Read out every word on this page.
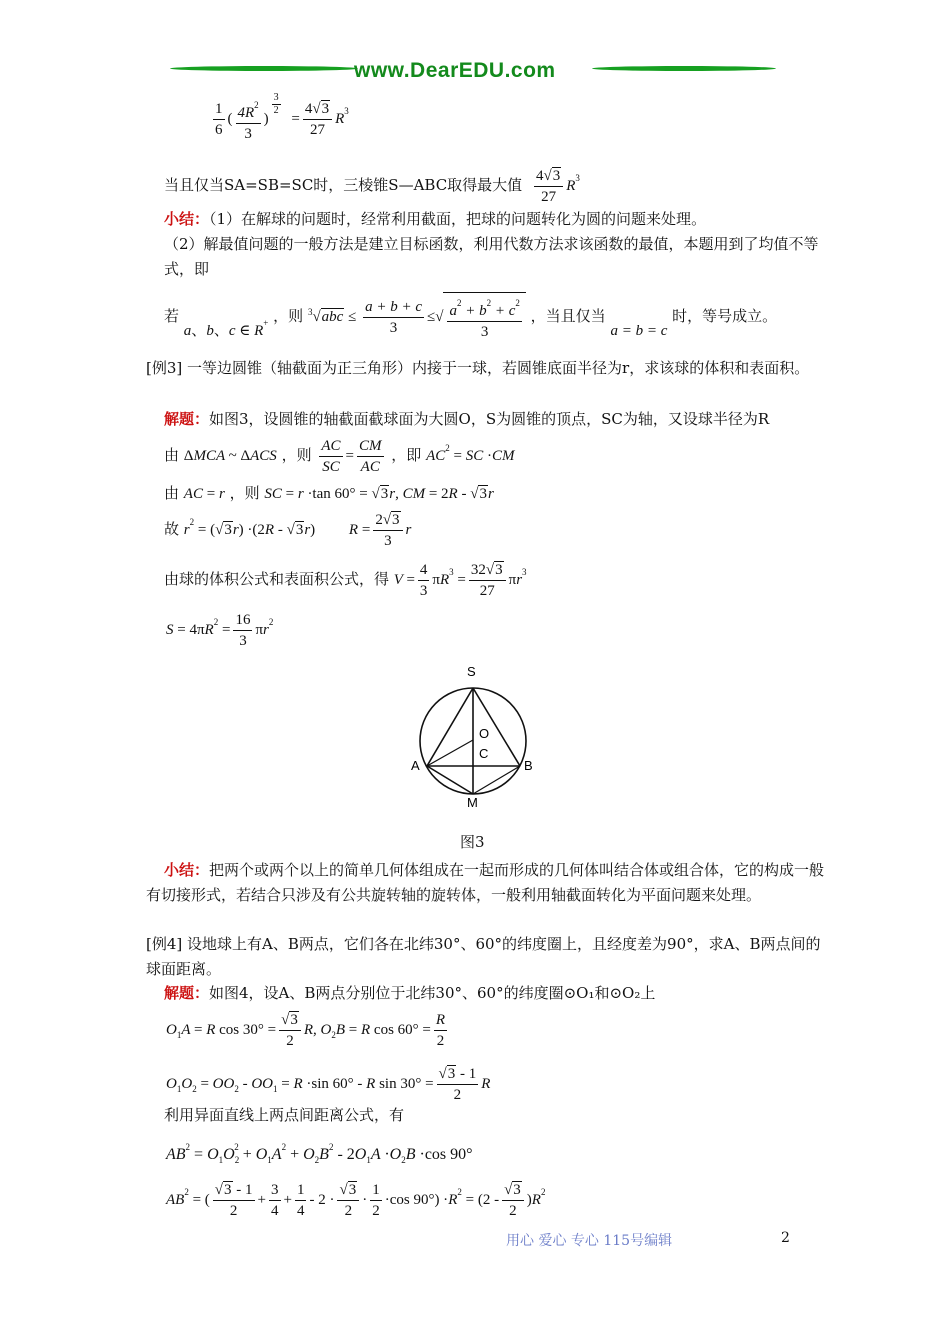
www.DearEDU.com
$\frac{1}{6}$ ( $\frac{4R^2}{3}$ )
$\frac{3}{2}$
= $\frac{4√3}{27} R^3$
当且仅当SA=SB=SC时，三棱锥S—ABC取得最大值 $\frac{4√3}{27} R^3$
小结：（1）在解球的问题时，经常利用截面，把球的问题转化为圆的问题来处理。
（2）解最值问题的一般方法是建立目标函数，利用代数方法求该函数的最值，本题用到了均值不等式，即
若 a、b、c ∈ R+ ，则 $^3√abc \le \frac{a + b + c}{3}$ ≤√ $\frac{a^2 + b^2 + c^2}{3}$ ，当且仅当 a = b = c 时，等号成立。
[例3] 一等边圆锥（轴截面为正三角形）内接于一球，若圆锥底面半径为r，求该球的体积和表面积。
解题：如图3，设圆锥的轴截面截球面为大圆O，S为圆锥的顶点，SC为轴，又设球半径为R
由 ΔMCA ~ ΔACS ，则 $\frac{AC}{SC} = \frac{CM}{AC}$ ，即 $AC^2$ = SC ·CM
由 AC = r ，则 SC = r ·tan 60° = √3r, CM = 2R - √3r
故 $r^2 = (√3r) \cdot(2R - √3r) R = \frac{2√3}{3}$ r
由球的体积公式和表面积公式，得 $V = \frac{4}{3} \pi R^3 = \frac{32√3}{27} \pi r^3$
$S = 4\pi R^2 = \frac{16}{3} \pi r^2$
S
O
C
A	B
M
图3
小结：把两个或两个以上的简单几何体组成在一起而形成的几何体叫结合体或组合体，它的构成一般有切接形式，若结合只涉及有公共旋转轴的旋转体，一般利用轴截面转化为平面问题来处理。
[例4] 设地球上有A、B两点，它们各在北纬30°、60°的纬度圈上，且经度差为90°，求A、B两点间的球面距离。
解题：如图4，设A、B两点分别位于北纬30°、60°的纬度圈⊙O₁和⊙O₂上
$O_1A = R$ $\cos 30^\circ = \frac{√3}{2} R$, $O_2B = R$ $\cos 60^\circ = \frac{R}{2}$
$O_1O_2 = OO_2 - OO_1 = R \cdot\sin$ 60° - R $\sin 30^\circ = \frac{√3 - 1}{2}$ R
利用异面直线上两点间距离公式，有
$AB^2 = O_1O_2^2 + O_1A^2 + O_2B^2 - 2O_1A \cdot O_2B \cdot\cos$ 90°
$AB^2$ = ( $\frac{√3 - 1}{2} + \frac{3}{4} + \frac{1}{4} - 2 \cdot \frac{√3}{2} \cdot \frac{1}{2} \cdot\cos$ $90^\circ) \cdot R^2 = (2 - \frac{√3}{2} )R^2$
用心 爱心 专心 115号编辑	2
